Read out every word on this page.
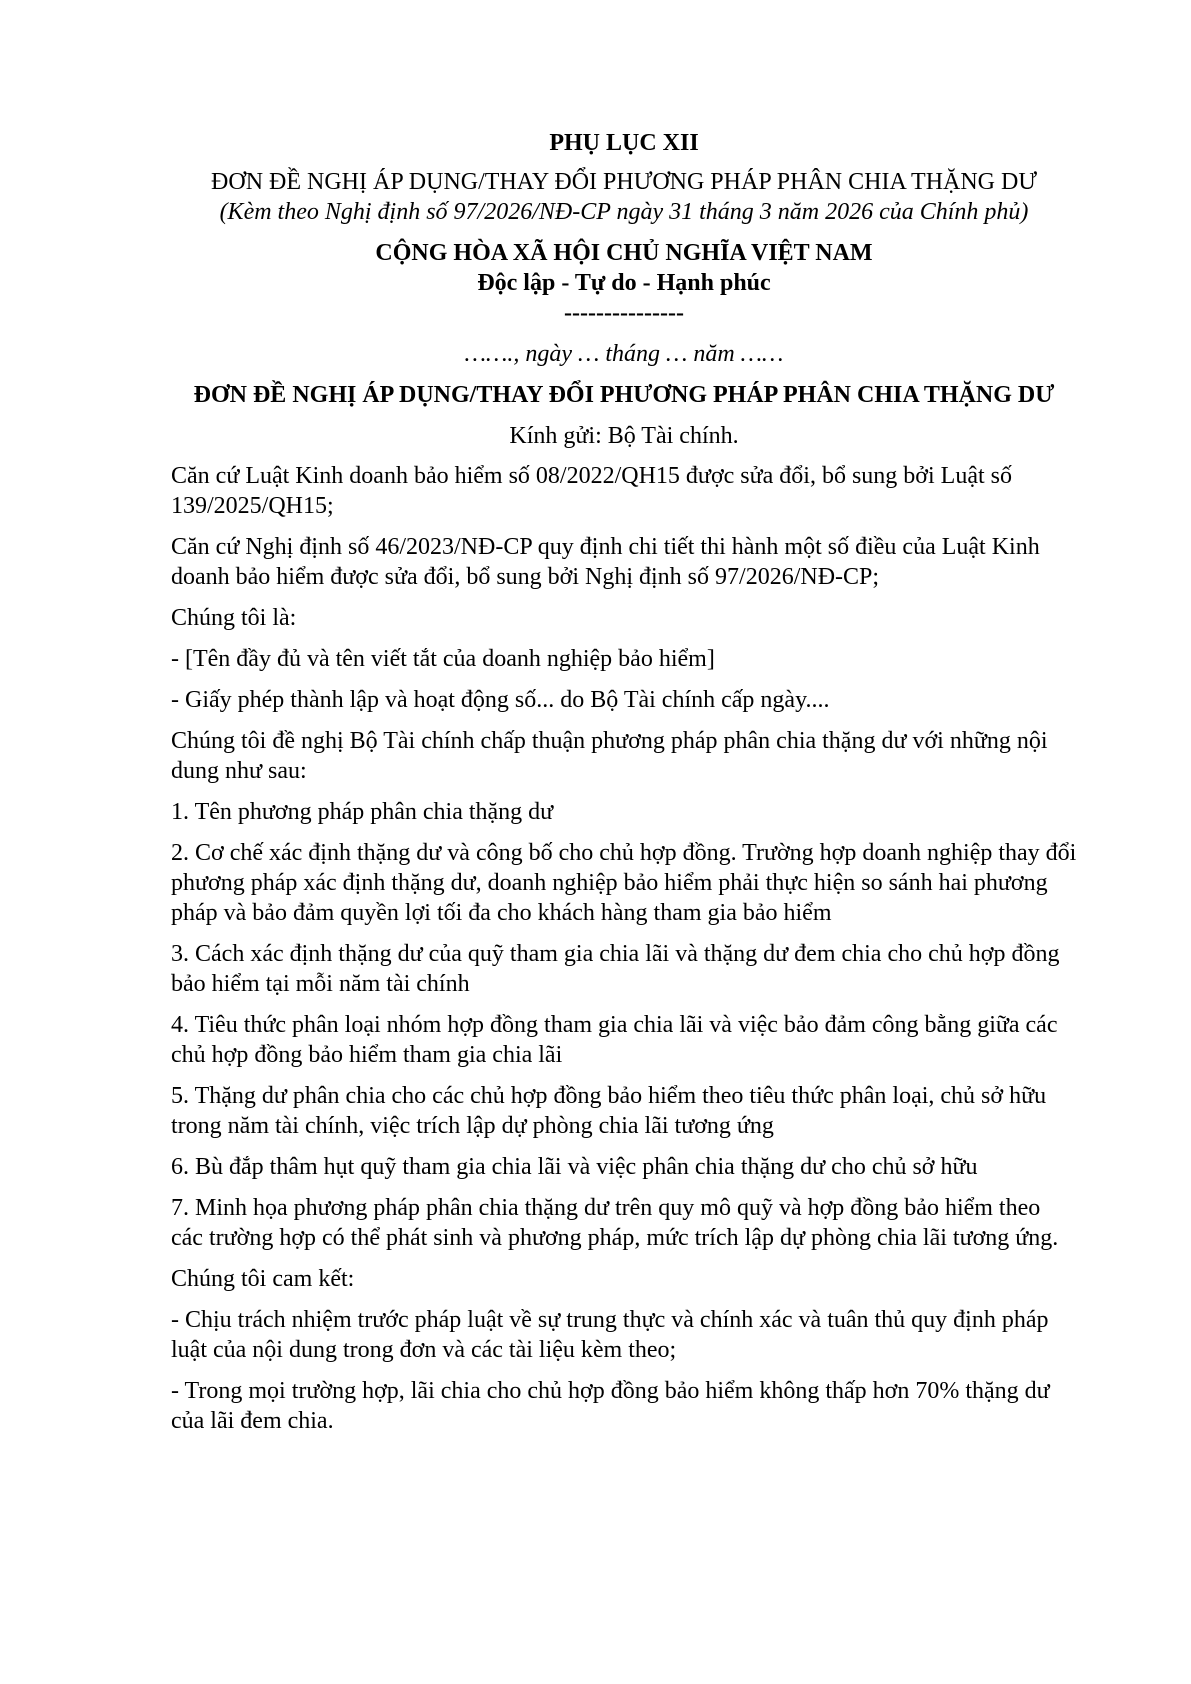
PHỤ LỤC XII

ĐƠN ĐỀ NGHỊ ÁP DỤNG/THAY ĐỔI PHƯƠNG PHÁP PHÂN CHIA THẶNG DƯ

(Kèm theo Nghị định số 97/2026/NĐ-CP ngày 31 tháng 3 năm 2026 của Chính phủ)

CỘNG HÒA XÃ HỘI CHỦ NGHĨA VIỆT NAM

Độc lập - Tự do - Hạnh phúc

---------------

……., ngày … tháng … năm ……

ĐƠN ĐỀ NGHỊ ÁP DỤNG/THAY ĐỔI PHƯƠNG PHÁP PHÂN CHIA THẶNG DƯ

Kính gửi: Bộ Tài chính.

Căn cứ Luật Kinh doanh bảo hiểm số 08/2022/QH15 được sửa đổi, bổ sung bởi Luật số 139/2025/QH15;

Căn cứ Nghị định số 46/2023/NĐ-CP quy định chi tiết thi hành một số điều của Luật Kinh doanh bảo hiểm được sửa đổi, bổ sung bởi Nghị định số 97/2026/NĐ-CP;

Chúng tôi là:

- [Tên đầy đủ và tên viết tắt của doanh nghiệp bảo hiểm]

- Giấy phép thành lập và hoạt động số... do Bộ Tài chính cấp ngày....

Chúng tôi đề nghị Bộ Tài chính chấp thuận phương pháp phân chia thặng dư với những nội dung như sau:

1. Tên phương pháp phân chia thặng dư

2. Cơ chế xác định thặng dư và công bố cho chủ hợp đồng. Trường hợp doanh nghiệp thay đổi phương pháp xác định thặng dư, doanh nghiệp bảo hiểm phải thực hiện so sánh hai phương pháp và bảo đảm quyền lợi tối đa cho khách hàng tham gia bảo hiểm

3. Cách xác định thặng dư của quỹ tham gia chia lãi và thặng dư đem chia cho chủ hợp đồng bảo hiểm tại mỗi năm tài chính

4. Tiêu thức phân loại nhóm hợp đồng tham gia chia lãi và việc bảo đảm công bằng giữa các chủ hợp đồng bảo hiểm tham gia chia lãi

5. Thặng dư phân chia cho các chủ hợp đồng bảo hiểm theo tiêu thức phân loại, chủ sở hữu trong năm tài chính, việc trích lập dự phòng chia lãi tương ứng

6. Bù đắp thâm hụt quỹ tham gia chia lãi và việc phân chia thặng dư cho chủ sở hữu

7. Minh họa phương pháp phân chia thặng dư trên quy mô quỹ và hợp đồng bảo hiểm theo các trường hợp có thể phát sinh và phương pháp, mức trích lập dự phòng chia lãi tương ứng.

Chúng tôi cam kết:

- Chịu trách nhiệm trước pháp luật về sự trung thực và chính xác và tuân thủ quy định pháp luật của nội dung trong đơn và các tài liệu kèm theo;

- Trong mọi trường hợp, lãi chia cho chủ hợp đồng bảo hiểm không thấp hơn 70% thặng dư của lãi đem chia.
